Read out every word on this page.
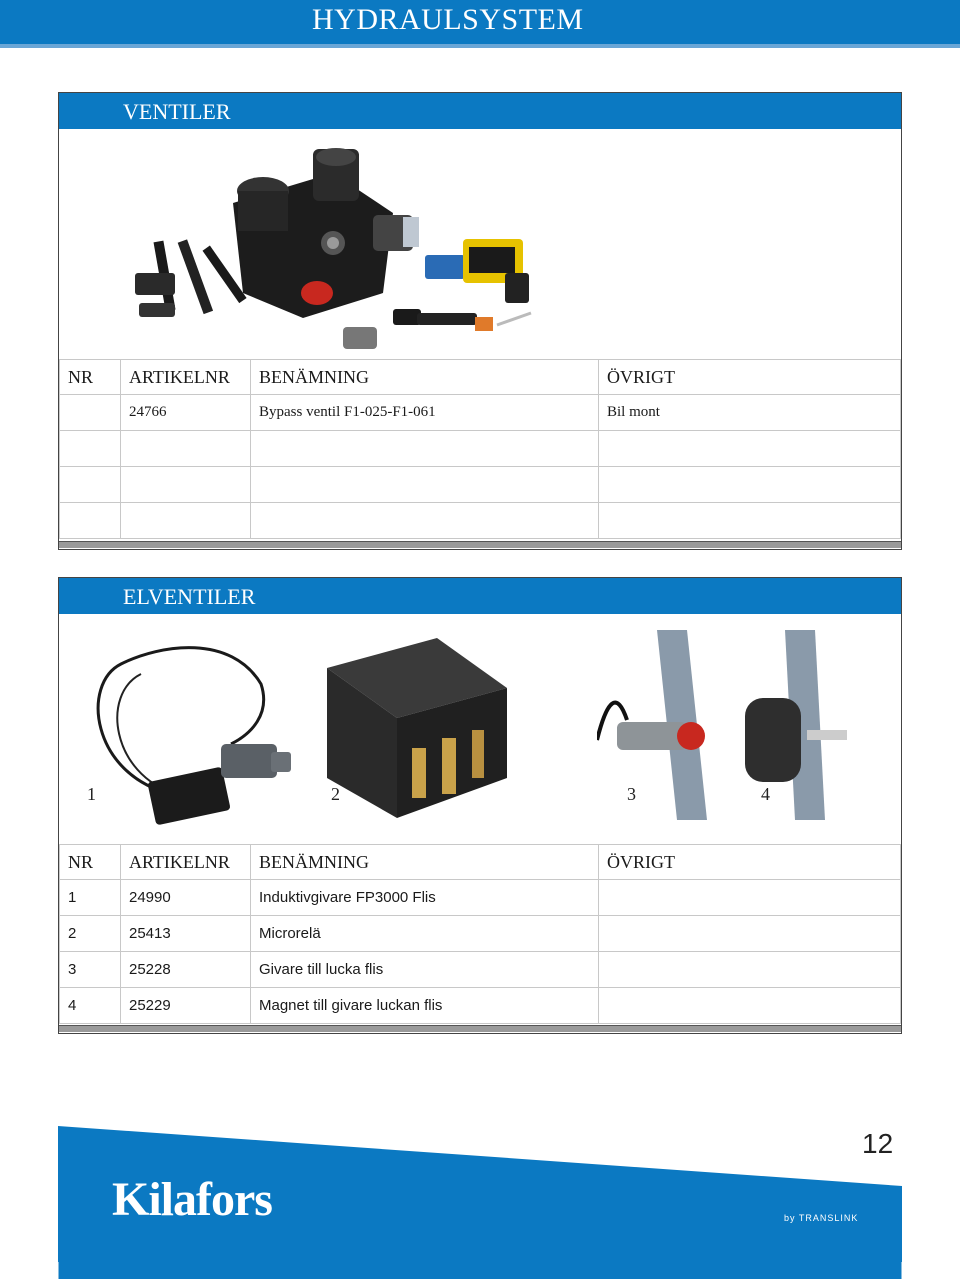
HYDRAULSYSTEM
VENTILER
NR	ARTIKELNR	BENÄMNING	ÖVRIGT
	24766	Bypass ventil F1-025-F1-061	Bil mont

ELVENTILER
1	2	3	4
NR	ARTIKELNR	BENÄMNING	ÖVRIGT
1	24990	Induktivgivare FP3000 Flis	
2	25413	Microrelä	
3	25228	Givare till lucka flis	
4	25229	Magnet till givare luckan flis	
12
Kilafors	by TRANSLINK
